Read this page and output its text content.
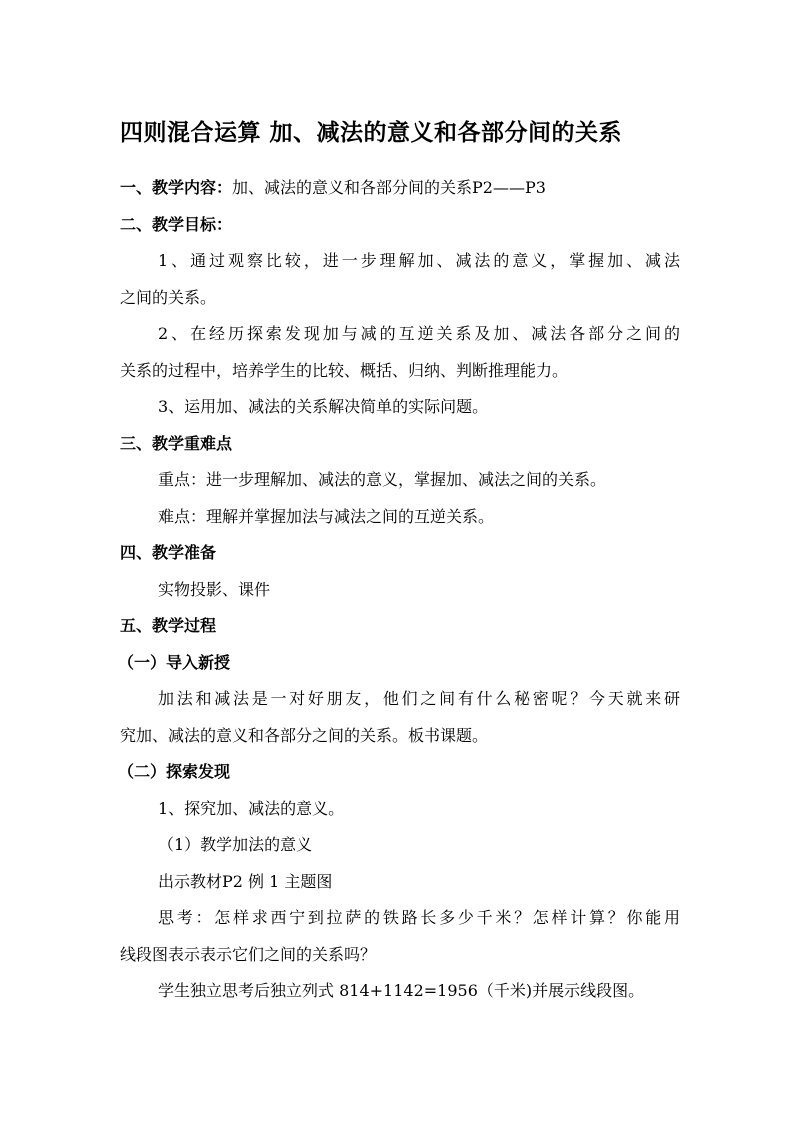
四则混合运算 加、减法的意义和各部分间的关系
一、教学内容：加、减法的意义和各部分间的关系P2——P3
二、教学目标：
1、通过观察比较，进一步理解加、减法的意义，掌握加、减法
之间的关系。
2、在经历探索发现加与减的互逆关系及加、减法各部分之间的
关系的过程中，培养学生的比较、概括、归纳、判断推理能力。
3、运用加、减法的关系解决简单的实际问题。
三、教学重难点
重点：进一步理解加、减法的意义，掌握加、减法之间的关系。
难点：理解并掌握加法与减法之间的互逆关系。
四、教学准备
实物投影、课件
五、教学过程
（一）导入新授
加法和减法是一对好朋友，他们之间有什么秘密呢？今天就来研
究加、减法的意义和各部分之间的关系。板书课题。
（二）探索发现
1、探究加、减法的意义。
（1）教学加法的意义
出示教材P2 例 1 主题图
思考：怎样求西宁到拉萨的铁路长多少千米？怎样计算？你能用
线段图表示表示它们之间的关系吗？
学生独立思考后独立列式 814+1142=1956（千米)并展示线段图。
